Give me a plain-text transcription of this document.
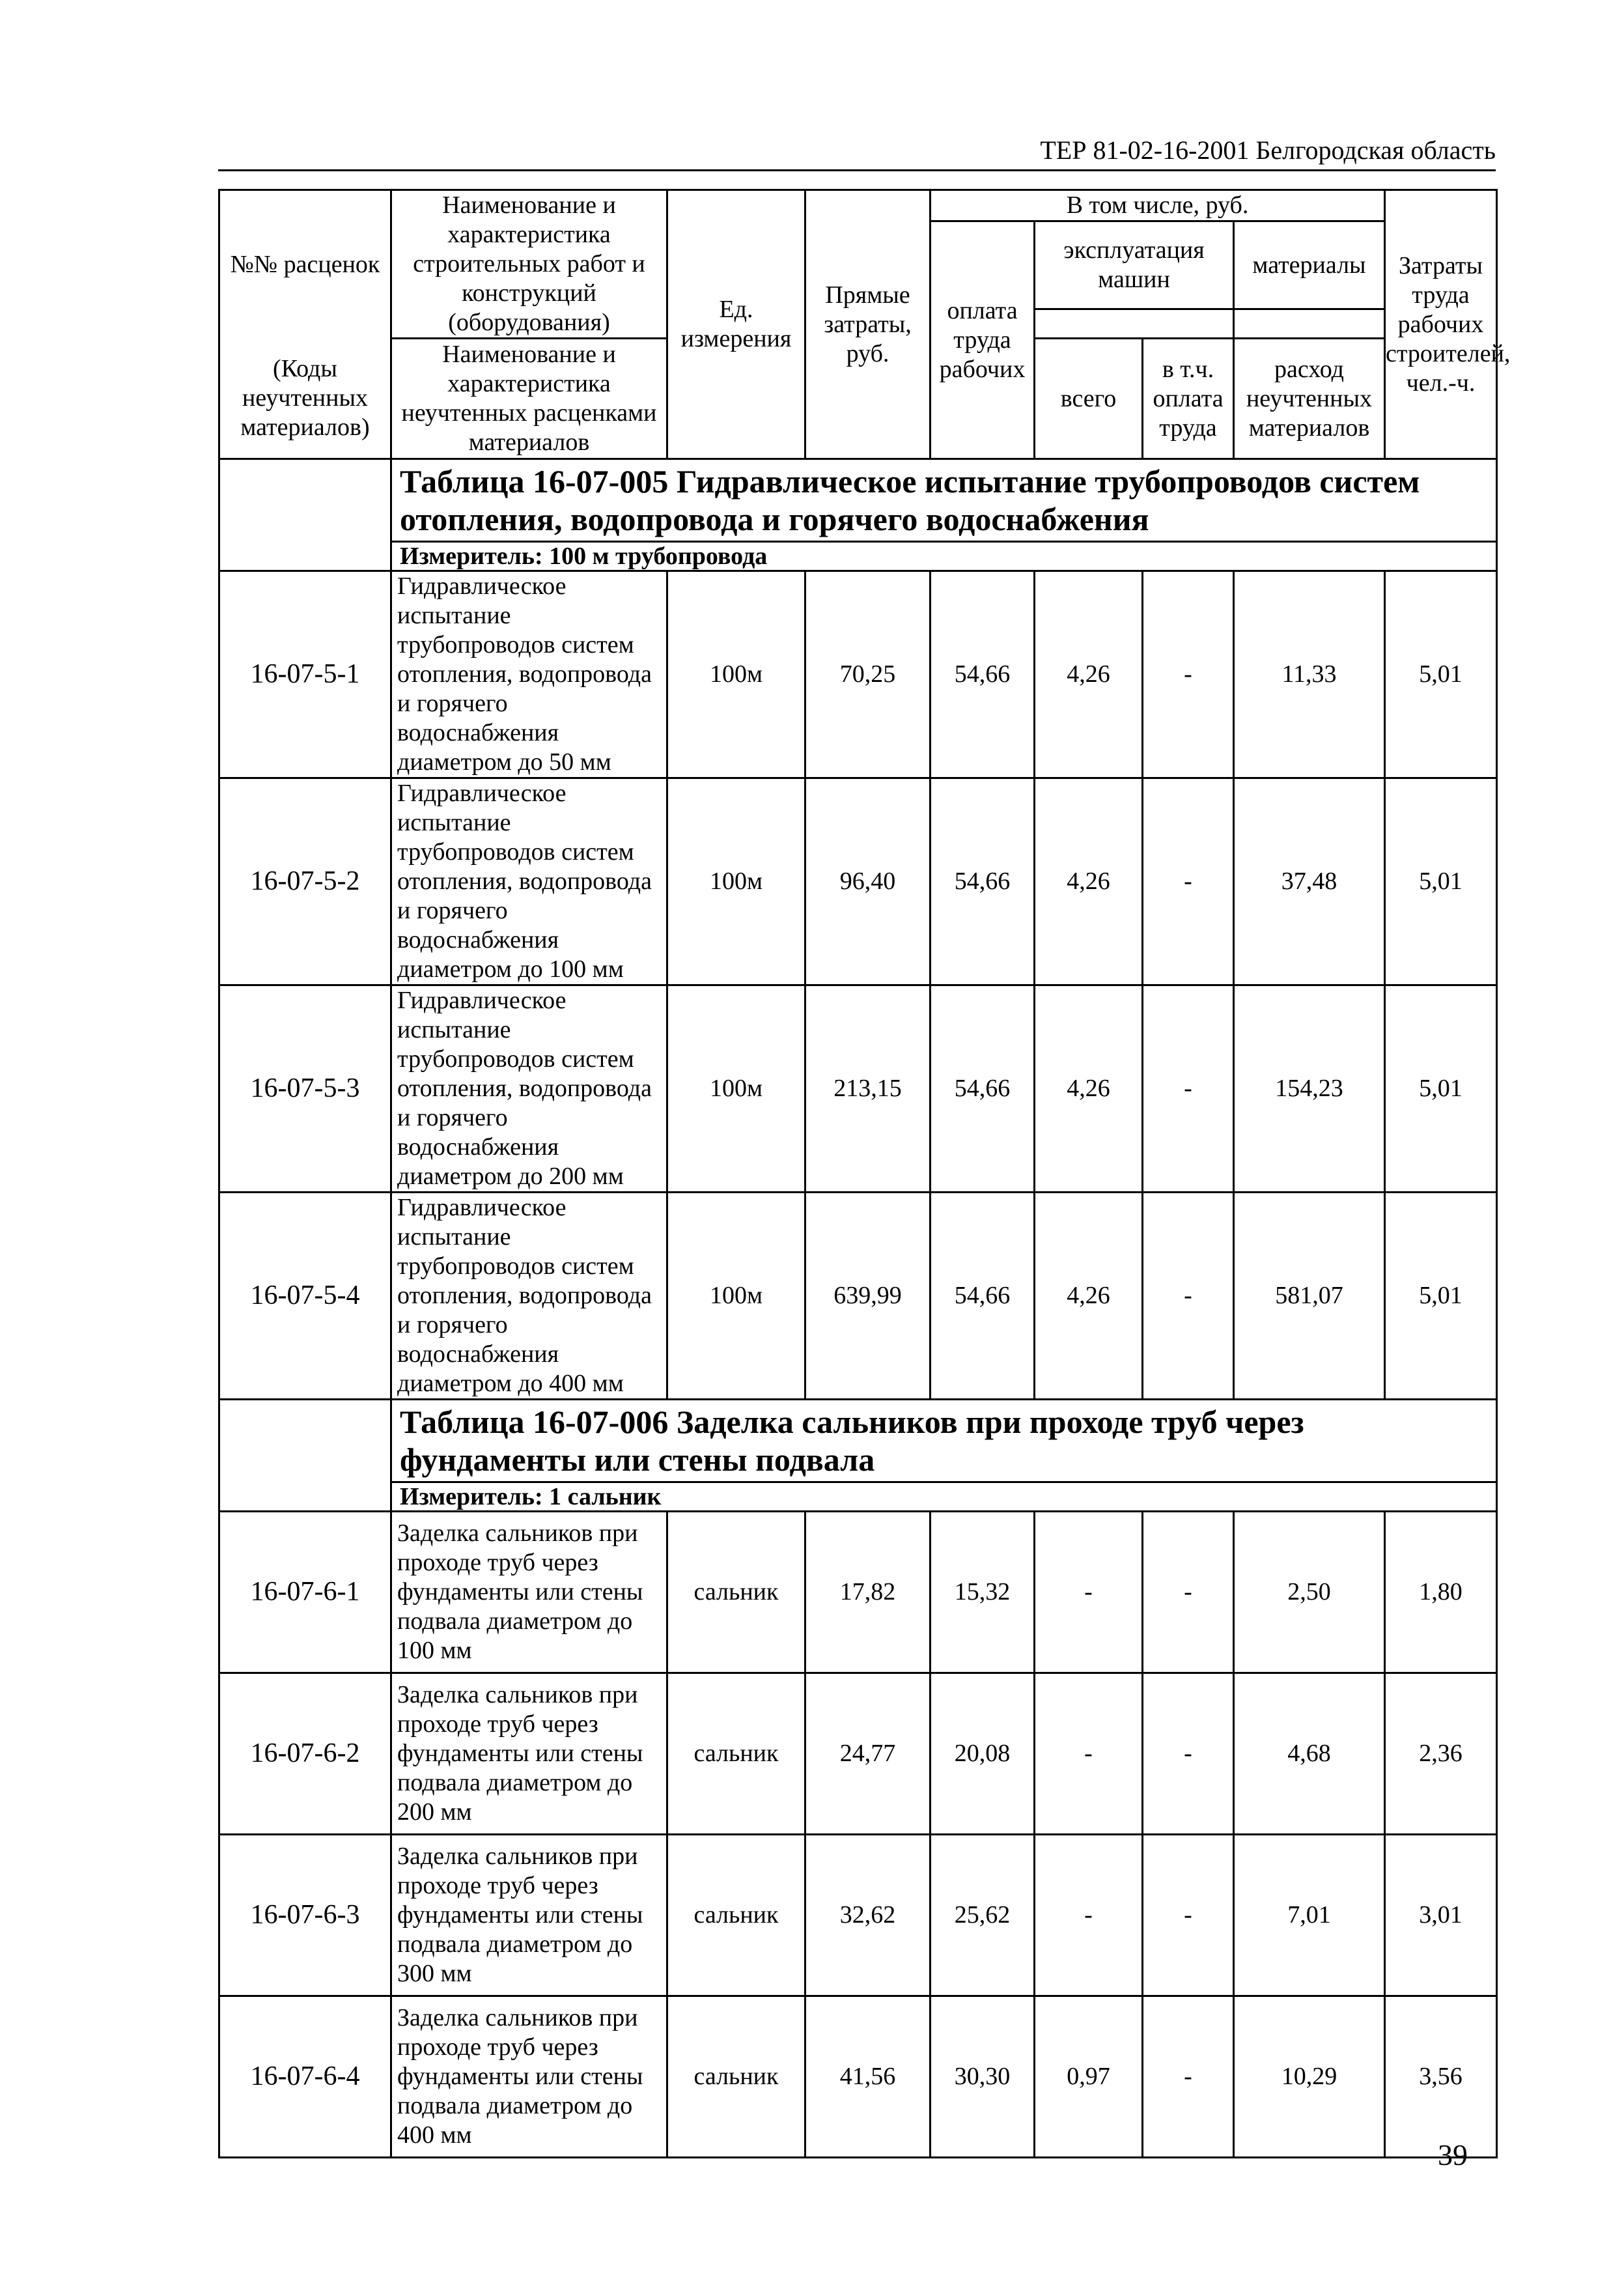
ТЕР 81-02-16-2001 Белгородская область
№№ расценок	Наименование и характеристика строительных работ и конструкций (оборудования)	Ед. измерения	Прямые затраты, руб.	В том числе, руб.				Затраты труда рабочих строителей, чел.-ч.
				оплата труда рабочих	эксплуатация машин		материалы	

(Коды неучтенных материалов)	Наименование и характеристика неучтенных расценками материалов				всего	в т.ч. оплата труда	расход неучтенных материалов	

	Таблица 16-07-005 Гидравлическое испытание трубопроводов систем отопления, водопровода и горячего водоснабжения							
	Измеритель: 100 м трубопровода							
16-07-5-1	Гидравлическое испытание трубопроводов систем отопления, водопровода и горячего водоснабжения диаметром до 50 мм	100м	70,25	54,66	4,26	-	11,33	5,01
16-07-5-2	Гидравлическое испытание трубопроводов систем отопления, водопровода и горячего водоснабжения диаметром до 100 мм	100м	96,40	54,66	4,26	-	37,48	5,01
16-07-5-3	Гидравлическое испытание трубопроводов систем отопления, водопровода и горячего водоснабжения диаметром до 200 мм	100м	213,15	54,66	4,26	-	154,23	5,01
16-07-5-4	Гидравлическое испытание трубопроводов систем отопления, водопровода и горячего водоснабжения диаметром до 400 мм	100м	639,99	54,66	4,26	-	581,07	5,01
	Таблица 16-07-006 Заделка сальников при проходе труб через фундаменты или стены подвала							
	Измеритель: 1 сальник							
16-07-6-1	Заделка сальников при проходе труб через фундаменты или стены подвала диаметром до 100 мм	сальник	17,82	15,32	-	-	2,50	1,80
16-07-6-2	Заделка сальников при проходе труб через фундаменты или стены подвала диаметром до 200 мм	сальник	24,77	20,08	-	-	4,68	2,36
16-07-6-3	Заделка сальников при проходе труб через фундаменты или стены подвала диаметром до 300 мм	сальник	32,62	25,62	-	-	7,01	3,01
16-07-6-4	Заделка сальников при проходе труб через фундаменты или стены подвала диаметром до 400 мм	сальник	41,56	30,30	0,97	-	10,29	3,56
39
